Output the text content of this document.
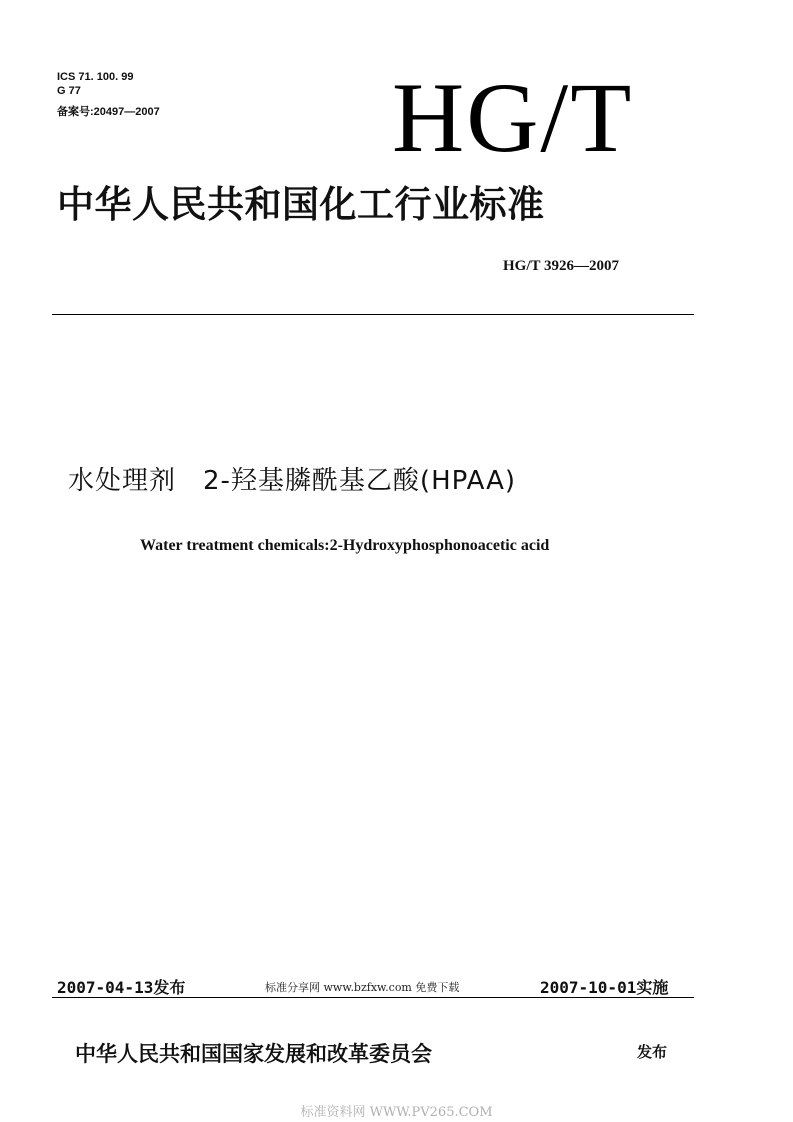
ICS 71. 100. 99
G 77
备案号:20497—2007 HG/T
中华人民共和国化工行业标准
HG/T 3926—2007
水处理剂　2-羟基膦酰基乙酸(HPAA)
Water treatment chemicals:2-Hydroxyphosphonoacetic acid
2007-04-13发布	标准分享网 www.bzfxw.com 免费下载	2007-10-01实施
中华人民共和国国家发展和改革委员会	发布
标准资料网 WWW.PV265.COM
